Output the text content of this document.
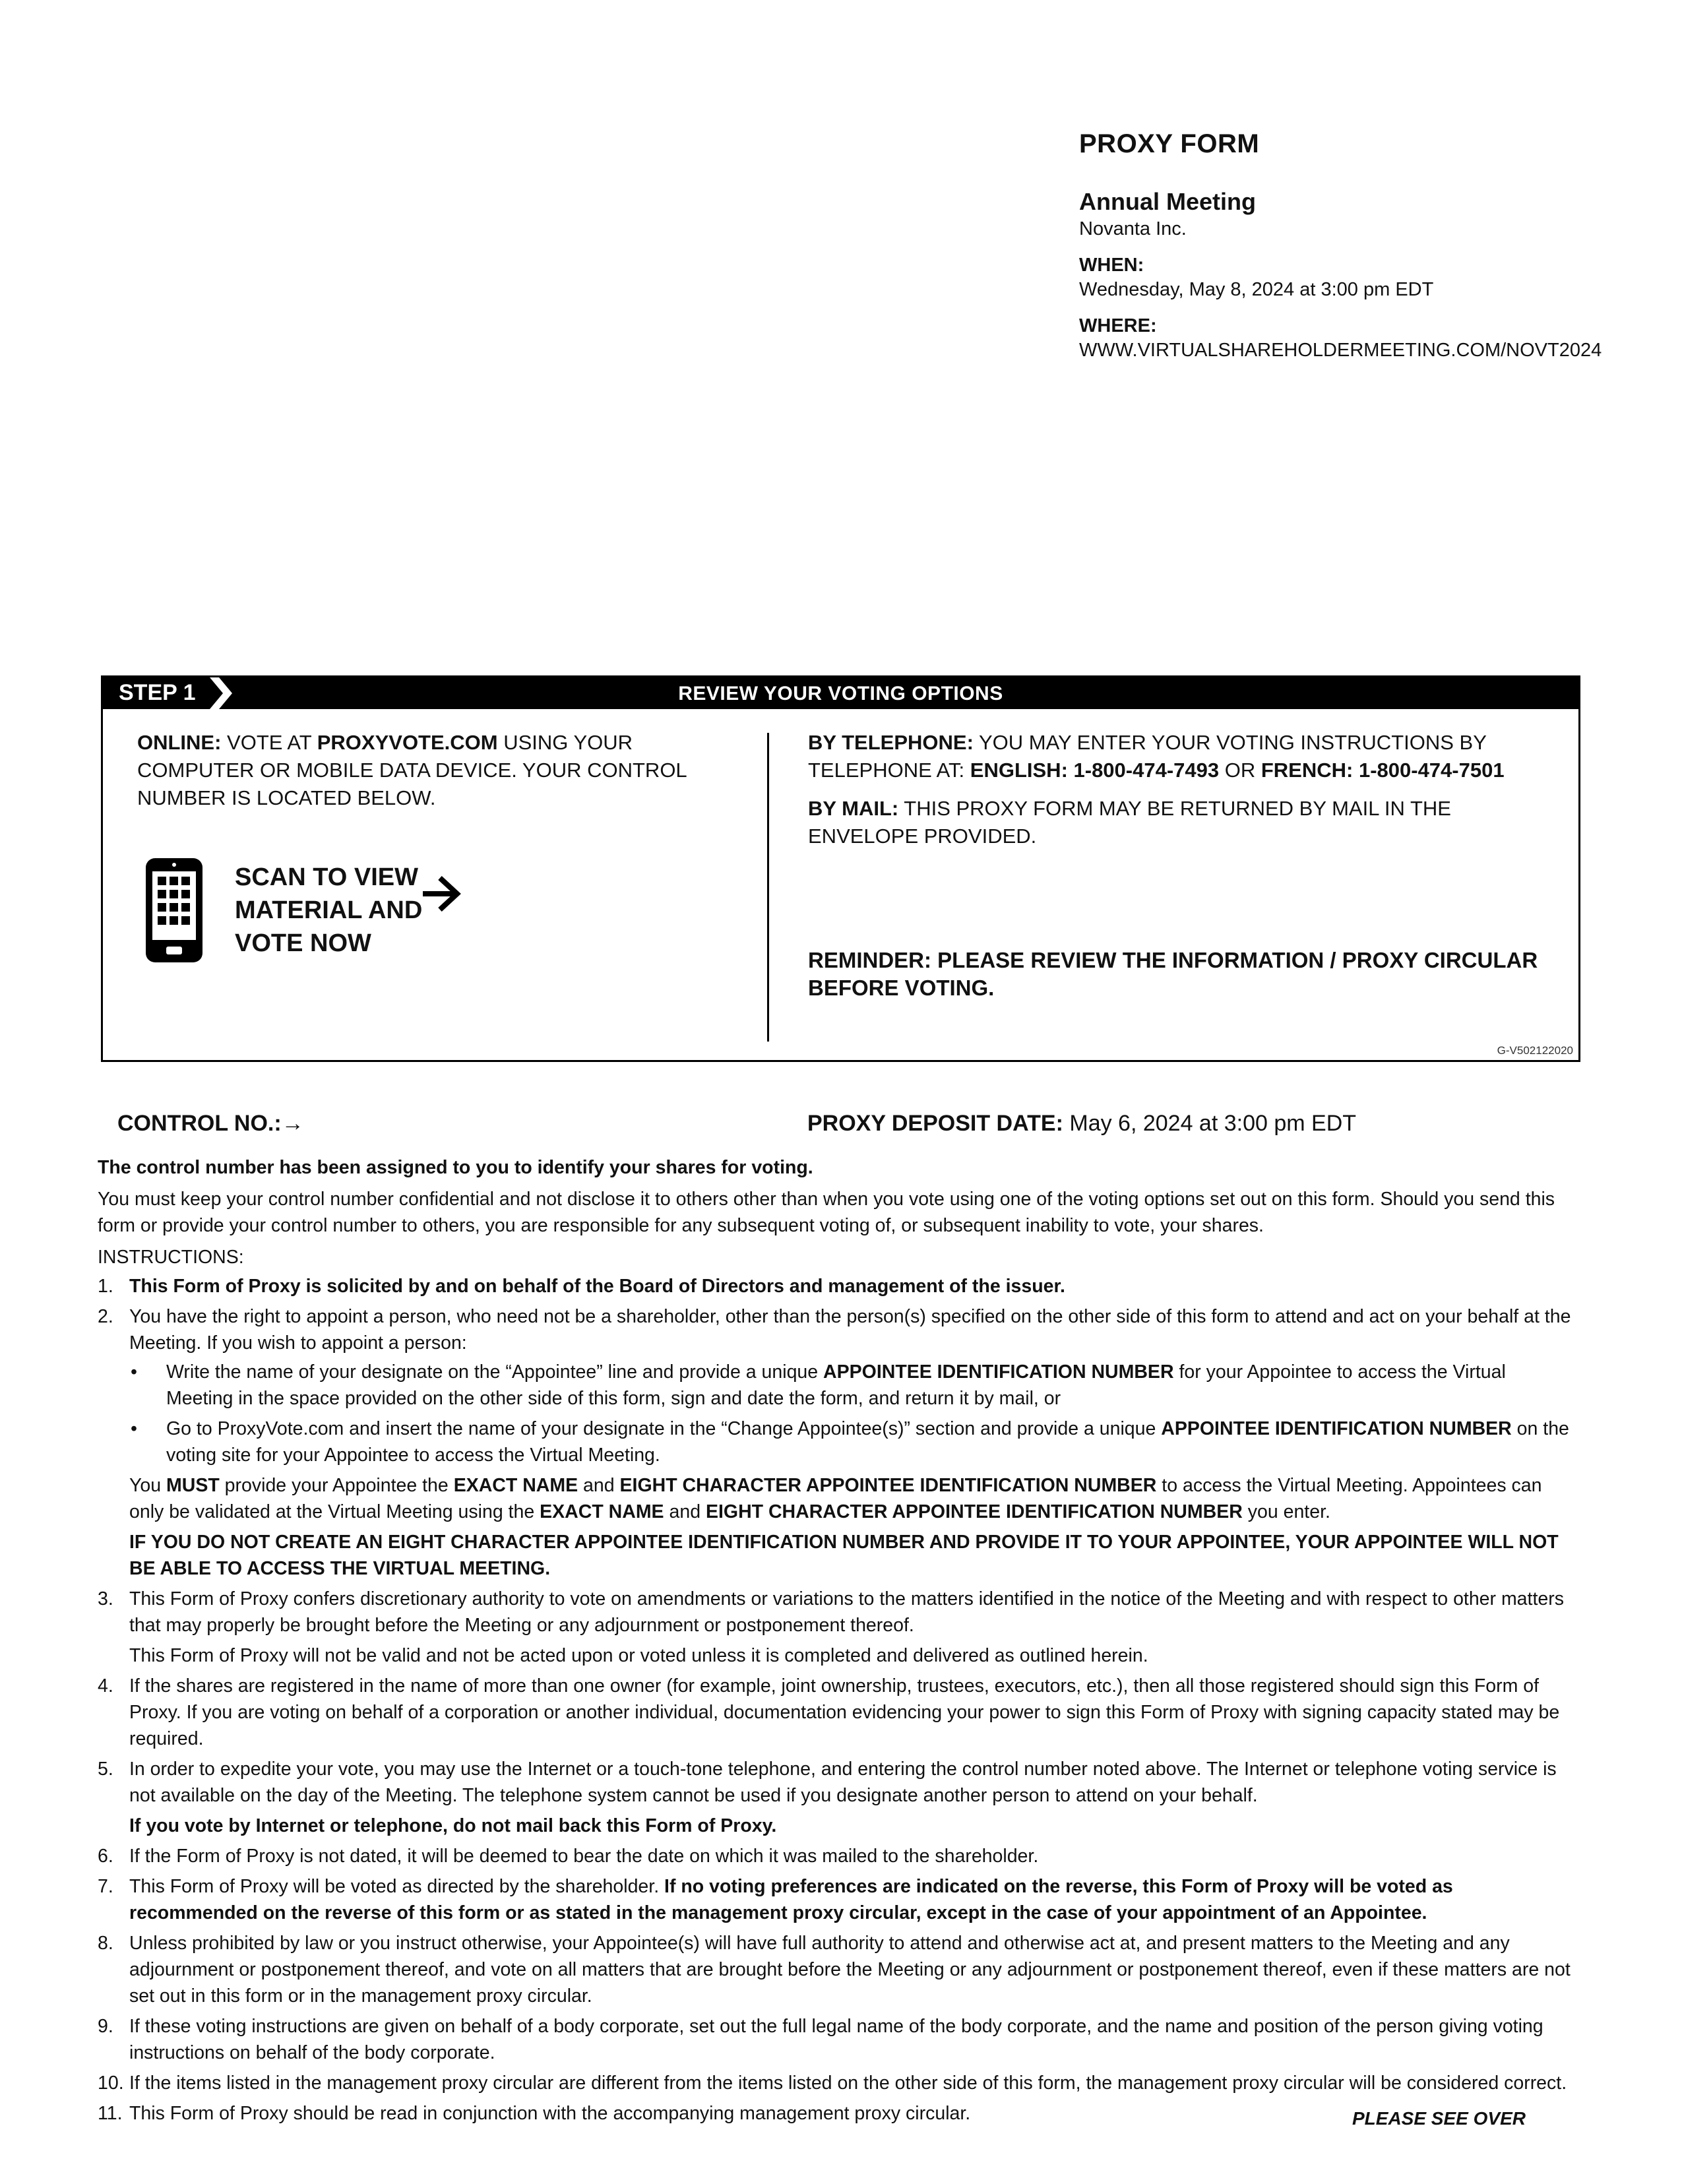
PROXY FORM
Annual Meeting
Novanta Inc.
WHEN:
Wednesday, May 8, 2024 at 3:00 pm EDT
WHERE:
WWW.VIRTUALSHAREHOLDERMEETING.COM/NOVT2024
REVIEW YOUR VOTING OPTIONS
STEP 1
ONLINE: VOTE AT PROXYVOTE.COM USING YOUR COMPUTER OR MOBILE DATA DEVICE. YOUR CONTROL NUMBER IS LOCATED BELOW.
SCAN TO VIEW
MATERIAL AND
VOTE NOW
BY TELEPHONE: YOU MAY ENTER YOUR VOTING INSTRUCTIONS BY TELEPHONE AT: ENGLISH: 1-800-474-7493 OR FRENCH: 1-800-474-7501
BY MAIL: THIS PROXY FORM MAY BE RETURNED BY MAIL IN THE ENVELOPE PROVIDED.
REMINDER: PLEASE REVIEW THE INFORMATION / PROXY CIRCULAR BEFORE VOTING.
G-V502122020
CONTROL NO.:→	PROXY DEPOSIT DATE: May 6, 2024 at 3:00 pm EDT

The control number has been assigned to you to identify your shares for voting.

You must keep your control number confidential and not disclose it to others other than when you vote using one of the voting options set out on this form. Should you send this form or provide your control number to others, you are responsible for any subsequent voting of, or subsequent inability to vote, your shares.

INSTRUCTIONS:

1. This Form of Proxy is solicited by and on behalf of the Board of Directors and management of the issuer.
2. You have the right to appoint a person, who need not be a shareholder, other than the person(s) specified on the other side of this form to attend and act on your behalf at the Meeting. If you wish to appoint a person:
• Write the name of your designate on the “Appointee” line and provide a unique APPOINTEE IDENTIFICATION NUMBER for your Appointee to access the Virtual Meeting in the space provided on the other side of this form, sign and date the form, and return it by mail, or
• Go to ProxyVote.com and insert the name of your designate in the “Change Appointee(s)” section and provide a unique APPOINTEE IDENTIFICATION NUMBER on the voting site for your Appointee to access the Virtual Meeting.
You MUST provide your Appointee the EXACT NAME and EIGHT CHARACTER APPOINTEE IDENTIFICATION NUMBER to access the Virtual Meeting. Appointees can only be validated at the Virtual Meeting using the EXACT NAME and EIGHT CHARACTER APPOINTEE IDENTIFICATION NUMBER you enter.
IF YOU DO NOT CREATE AN EIGHT CHARACTER APPOINTEE IDENTIFICATION NUMBER AND PROVIDE IT TO YOUR APPOINTEE, YOUR APPOINTEE WILL NOT BE ABLE TO ACCESS THE VIRTUAL MEETING.
3. This Form of Proxy confers discretionary authority to vote on amendments or variations to the matters identified in the notice of the Meeting and with respect to other matters that may properly be brought before the Meeting or any adjournment or postponement thereof.
This Form of Proxy will not be valid and not be acted upon or voted unless it is completed and delivered as outlined herein.
4. If the shares are registered in the name of more than one owner (for example, joint ownership, trustees, executors, etc.), then all those registered should sign this Form of Proxy. If you are voting on behalf of a corporation or another individual, documentation evidencing your power to sign this Form of Proxy with signing capacity stated may be required.
5. In order to expedite your vote, you may use the Internet or a touch-tone telephone, and entering the control number noted above. The Internet or telephone voting service is not available on the day of the Meeting. The telephone system cannot be used if you designate another person to attend on your behalf.
If you vote by Internet or telephone, do not mail back this Form of Proxy.
6. If the Form of Proxy is not dated, it will be deemed to bear the date on which it was mailed to the shareholder.
7. This Form of Proxy will be voted as directed by the shareholder. If no voting preferences are indicated on the reverse, this Form of Proxy will be voted as recommended on the reverse of this form or as stated in the management proxy circular, except in the case of your appointment of an Appointee.
8. Unless prohibited by law or you instruct otherwise, your Appointee(s) will have full authority to attend and otherwise act at, and present matters to the Meeting and any adjournment or postponement thereof, and vote on all matters that are brought before the Meeting or any adjournment or postponement thereof, even if these matters are not set out in this form or in the management proxy circular.
9. If these voting instructions are given on behalf of a body corporate, set out the full legal name of the body corporate, and the name and position of the person giving voting instructions on behalf of the body corporate.
10. If the items listed in the management proxy circular are different from the items listed on the other side of this form, the management proxy circular will be considered correct.
11. This Form of Proxy should be read in conjunction with the accompanying management proxy circular.	PLEASE SEE OVER
